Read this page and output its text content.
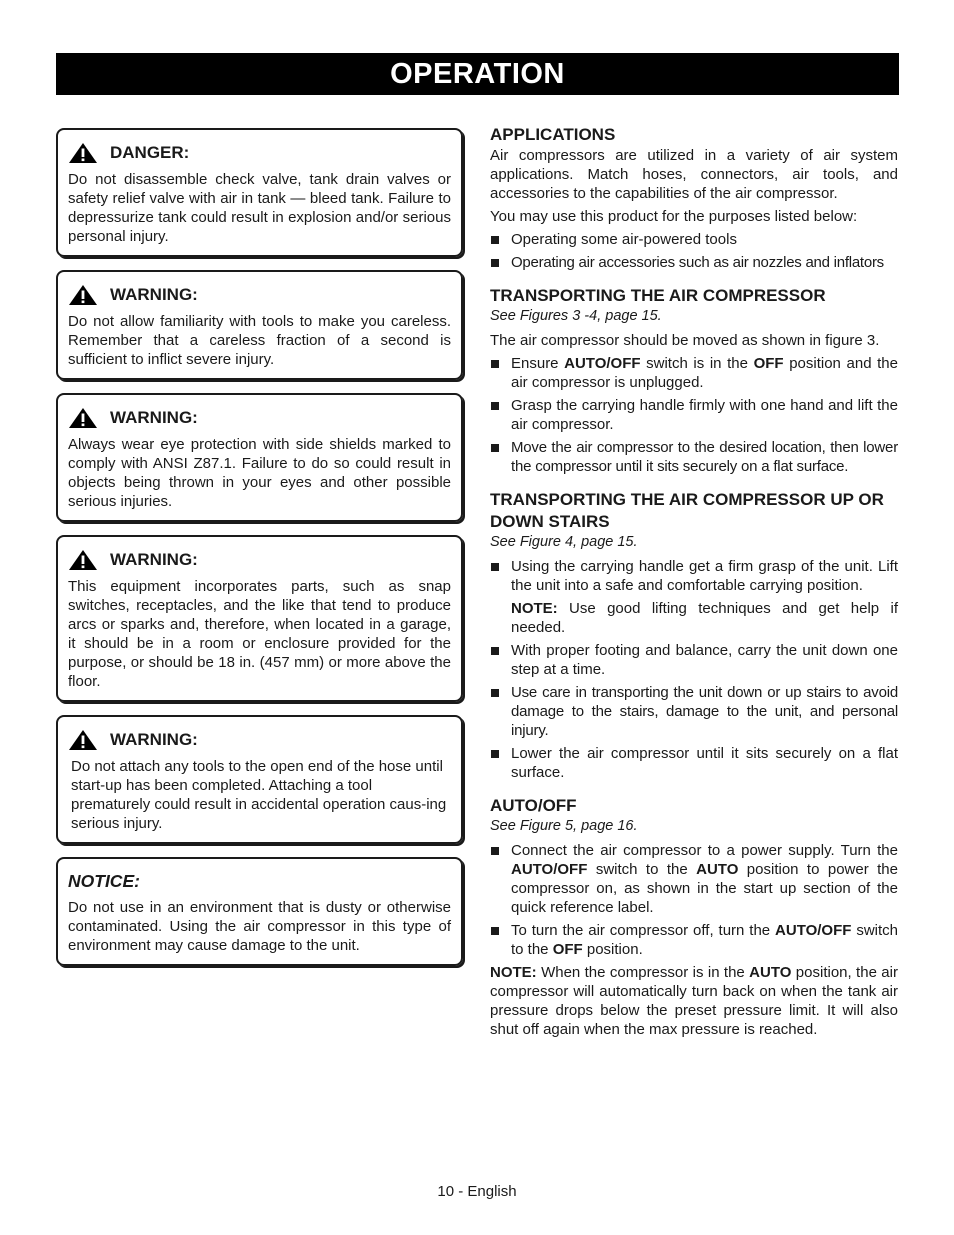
OPERATION
DANGER:
Do not disassemble check valve, tank drain valves or safety relief valve with air in tank — bleed tank. Failure to depressurize tank could result in explosion and/or serious personal injury.
WARNING:
Do not allow familiarity with tools to make you careless. Remember that a careless fraction of a second is sufficient to inflict severe injury.
WARNING:
Always wear eye protection with side shields marked to comply with ANSI Z87.1. Failure to do so could result in objects being thrown in your eyes and other possible serious injuries.
WARNING:
This equipment incorporates parts, such as snap switches, receptacles, and the like that tend to produce arcs or sparks and, therefore, when located in a garage, it should be in a room or enclosure provided for the purpose, or should be 18 in. (457 mm) or more above the floor.
WARNING:
Do not attach any tools to the open end of the hose until start-up has been completed. Attaching a tool prematurely could result in accidental operation caus-ing serious injury.
NOTICE:
Do not use in an environment that is dusty or otherwise contaminated. Using the air compressor in this type of environment may cause damage to the unit.
APPLICATIONS
Air compressors are utilized in a variety of air system applications. Match hoses, connectors, air tools, and accessories to the capabilities of the air compressor.
You may use this product for the purposes listed below:
Operating some air-powered tools
Operating air accessories such as air nozzles and inflators
TRANSPORTING THE AIR COMPRESSOR
See Figures 3 -4, page 15.
The air compressor should be moved as shown in figure 3.
Ensure AUTO/OFF switch is in the OFF position and the air compressor is unplugged.
Grasp the carrying handle firmly with one hand and lift the air compressor.
Move the air compressor to the desired location, then lower the compressor until it sits securely on a flat surface.
TRANSPORTING THE AIR COMPRESSOR UP OR DOWN STAIRS
See Figure 4, page 15.
Using the carrying handle get a firm grasp of the unit. Lift the unit into a safe and comfortable carrying position.
NOTE: Use good lifting techniques and get help if needed.
With proper footing and balance, carry the unit down one step at a time.
Use care in transporting the unit down or up stairs to avoid damage to the stairs, damage to the unit, and personal injury.
Lower the air compressor until it sits securely on a flat surface.
AUTO/OFF
See Figure 5, page 16.
Connect the air compressor to a power supply. Turn the AUTO/OFF switch to the AUTO position to power the compressor on, as shown in the start up section of the quick reference label.
To turn the air compressor off, turn the AUTO/OFF switch to the OFF position.
NOTE: When the compressor is in the AUTO position, the air compressor will automatically turn back on when the tank air pressure drops below the preset pressure limit. It will also shut off again when the max pressure is reached.
10 - English
